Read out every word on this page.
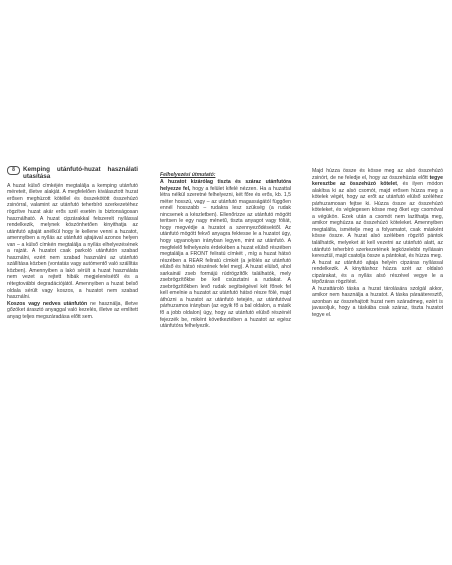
8	Kemping utánfutó-huzat használati utasítása

A huzat külső címkéjén megtalálja a kemping utánfutó méreteit, illetve alakját. A megfelelően kiválasztott huzat erősen meghúzott kötéllel és összekötött összehúzó zsinórral, valamint az utánfutó teherbíró szerkezetéhez rögzítve huzat akár erős szél esetén is biztonságosan használható. A huzat cipzárakkal felszerelt nyílással rendelkezik, melynek köszönhetően kinyithatja az utánfutó ajtaját anélkül hogy le kellene venni a huzatot, amennyiben a nyílás az utánfutó ajtajával azonos helyen van – a külső címkén megtalálja a nyílás elhelyezésének a rajzát. A huzatot csak parkoló utánfutón szabad használni, ezért nem szabad használni az utánfutó szállítása közben (vontatás vagy autómentő való szállítás közben). Amennyiben a lakó sérült a huzat használata nem vezet a rejtett hibák megjelenésétől és a rétegtovábbi degradációjától. Amennyiben a huzat belső oldala sérült vagy koszos, a huzatot nem szabad használni.

Koszos vagy nedves utánfutón ne használja, illetve gőzöket árasztó anyaggal való kezelés, illetve az említett anyag teljes megszáradása előtt sem.

Felhelyezési útmutató:

A huzatot kizárólag tiszta és száraz utánfutóra helyezze fel, hogy a felület kifelé nézzen. Ha a huzattal létra nélkül szeretné felhelyezni, két főre és erős, kb. 1,5 méter hosszú, vagy – az utánfutó magasságától függően ennél hosszabb – rudakra lesz szükség (a rudak nincsenek a készletben). Ellenőrizze az utánfutó mögött teritsen le egy nagy ménetű, tiszta anyagot vagy fóliát, hogy megvédje a huzatot a szennyeződésektől. Az utánfutó mögött fekvő anyagra fektesse le a huzatot úgy, hogy ugyanolyan irányban legyen, mint az utánfutó. A megfelelő felhelyezés érdekében a huzat elülső részében megtalálja a FRONT feliratú címkét , míg a huzat hátsó részében a REAR feliratú címkét (a jelölés az utánfutó elülső és hátsó részének felel meg). A huzat elülső, ahol sarkainál zseb formájú rúdrögzítők találhatók, mely zsebrögzítőkbe be kell csúsztatni a rudakat. A zsebrögzítőkben levő rudak segítségével két főnek fel kell emelnie a huzatot az utánfutó hátsó része fölé, majd áthúzni a huzatot az utánfutó tetején, az utánfutóval párhuzamos irányban (az egyik fő a bal oldalon, a másik fő a jobb oldalon) úgy, hogy az utánfutó elülső részénél fejezzék be, miként következtében a huzatot az egész utánfutóra felhelyezik.

Majd húzza össze és kösse meg az alsó összehúzó zsinórt, de ne feledje el, hogy az összehúzás előtt tegye keresztbe az összehúzó kötelet, és ilyen módon alakítsa ki az alsó csomót, majd erősen húzza meg a kötelek végét, hogy az erőt az utánfutó elülső széléhez párhuzamosan fejtse ki. Húzza össze az összehúzó köteleket, és véglegesen kösse meg őket egy csomóval a végükön. Ezek után a csomót nem lazíthatja meg, amikor meghúzza az összehúzó köteleket. Amennyiben megtalálta, ismételje meg a folyamatot, csak másként kösse össze. A huzat alsó szélében rögzítő pántok találhatók, melyeket át kell vezetni az utánfutó alatt, az utánfutó teherbíró szerkezetének legközelebbi nyílásain keresztül, majd csatolja össze a pántokat, és húzza meg.

A huzat az utánfutó ajtaja helyén cipzáras nyílással rendelkezik. A kinyitáshoz húzza szét az oldalsó cipzárakat, és a nyílás alsó részével vegye le a tépőzáras rögzítést.

A huzattároló táska a huzat tárolására szolgál akkor, amikor nem használja a huzatot. A táska páraáteresztő, azonban az összehajtott huzat nem száradmeg, ezért is javasoljuk, hogy a táskába csak száraz, tiszta huzatot tegye el.
